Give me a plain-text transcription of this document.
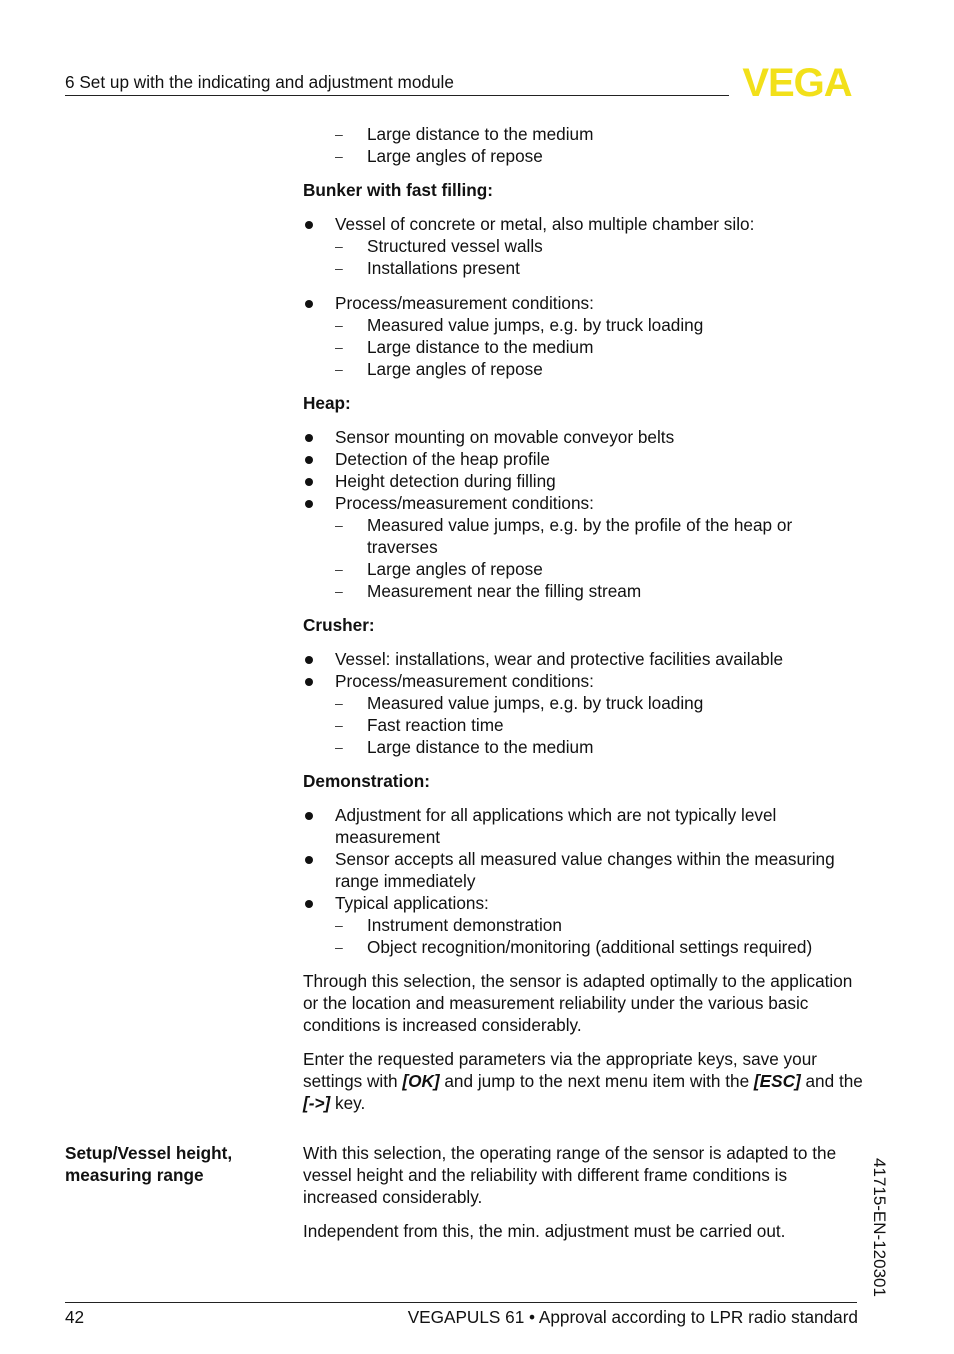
6 Set up with the indicating and adjustment module	VEGA
– Large distance to the medium
– Large angles of repose
Bunker with fast filling:
Vessel of concrete or metal, also multiple chamber silo:
– Structured vessel walls
– Installations present
Process/measurement conditions:
– Measured value jumps, e.g. by truck loading
– Large distance to the medium
– Large angles of repose
Heap:
Sensor mounting on movable conveyor belts
Detection of the heap profile
Height detection during filling
Process/measurement conditions:
– Measured value jumps, e.g. by the profile of the heap or traverses
– Large angles of repose
– Measurement near the filling stream
Crusher:
Vessel: installations, wear and protective facilities available
Process/measurement conditions:
– Measured value jumps, e.g. by truck loading
– Fast reaction time
– Large distance to the medium
Demonstration:
Adjustment for all applications which are not typically level measurement
Sensor accepts all measured value changes within the measuring range immediately
Typical applications:
– Instrument demonstration
– Object recognition/monitoring (additional settings required)

Through this selection, the sensor is adapted optimally to the application or the location and measurement reliability under the various basic conditions is increased considerably.

Enter the requested parameters via the appropriate keys, save your settings with [OK] and jump to the next menu item with the [ESC] and the [->] key.

Setup/Vessel height,
measuring range

With this selection, the operating range of the sensor is adapted to the vessel height and the reliability with different frame conditions is increased considerably.

Independent from this, the min. adjustment must be carried out.	41715-EN-120301
42	VEGAPULS 61 • Approval according to LPR radio standard
